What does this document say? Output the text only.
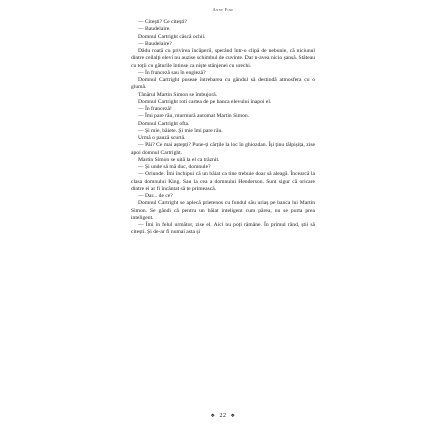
Anne Fine

— Citești? Ce citești?

— Baudelaire.

Domnul Cartright căscă ochii.

— Baudelaire?

Dădu roată cu privirea încăperii, sperând într-o clipă de nebunie, că niciunul dintre ceilalți elevi nu auzise schimbul de cuvinte. Dar n-avea nicio șansă. Stăteau cu toții cu găturile întinse ca niște stânjenei cu urechi.

— În franceză sau în engleză?

Domnul Cartright puseae întrebarea cu gândul să destindă atmosfera cu o glumă.

Tânărul Martin Simon se îmbujoră.

Domnul Cartright roti cartea de pe banca elevului înapoi el.

— În franceză!

— Îmi pare rău, murmură automat Martin Simon.

Domnul Cartright ofta.

— Și mie, băiete. Și mie îmi pare rău.

Urmă o pauză scurtă.

— Păi? Ce mai aștepți? Pune-ți cărțile la loc în ghiozdan. Își ținu tălpișița, zise apoi domnul Cartright.

Martin Simon se uită la el ca trăznit.

— Și unde să mă duc, domnule?

— Oriunde. Îmi închipui că un băiat ca tine trebuie doar să aleagă. Încearcă la clasa domnului King. Sau la cea a domnului Henderson. Sunt sigur că oricare dintre ei ar fi încântat să te primească.

— Dar... de ce?

Domnul Cartright se aplecă prietenos cu fundul său uriaș pe banca lui Martin Simon. Se gândi că pentru un băiat inteligent cum părea, nu se purta prea inteligent.

— Îmi în felul următor, zise el. Aici nu poți rămâne. În primul rând, știi să citești. Și de-ar fi numai asta și

❖ 22 ❖
